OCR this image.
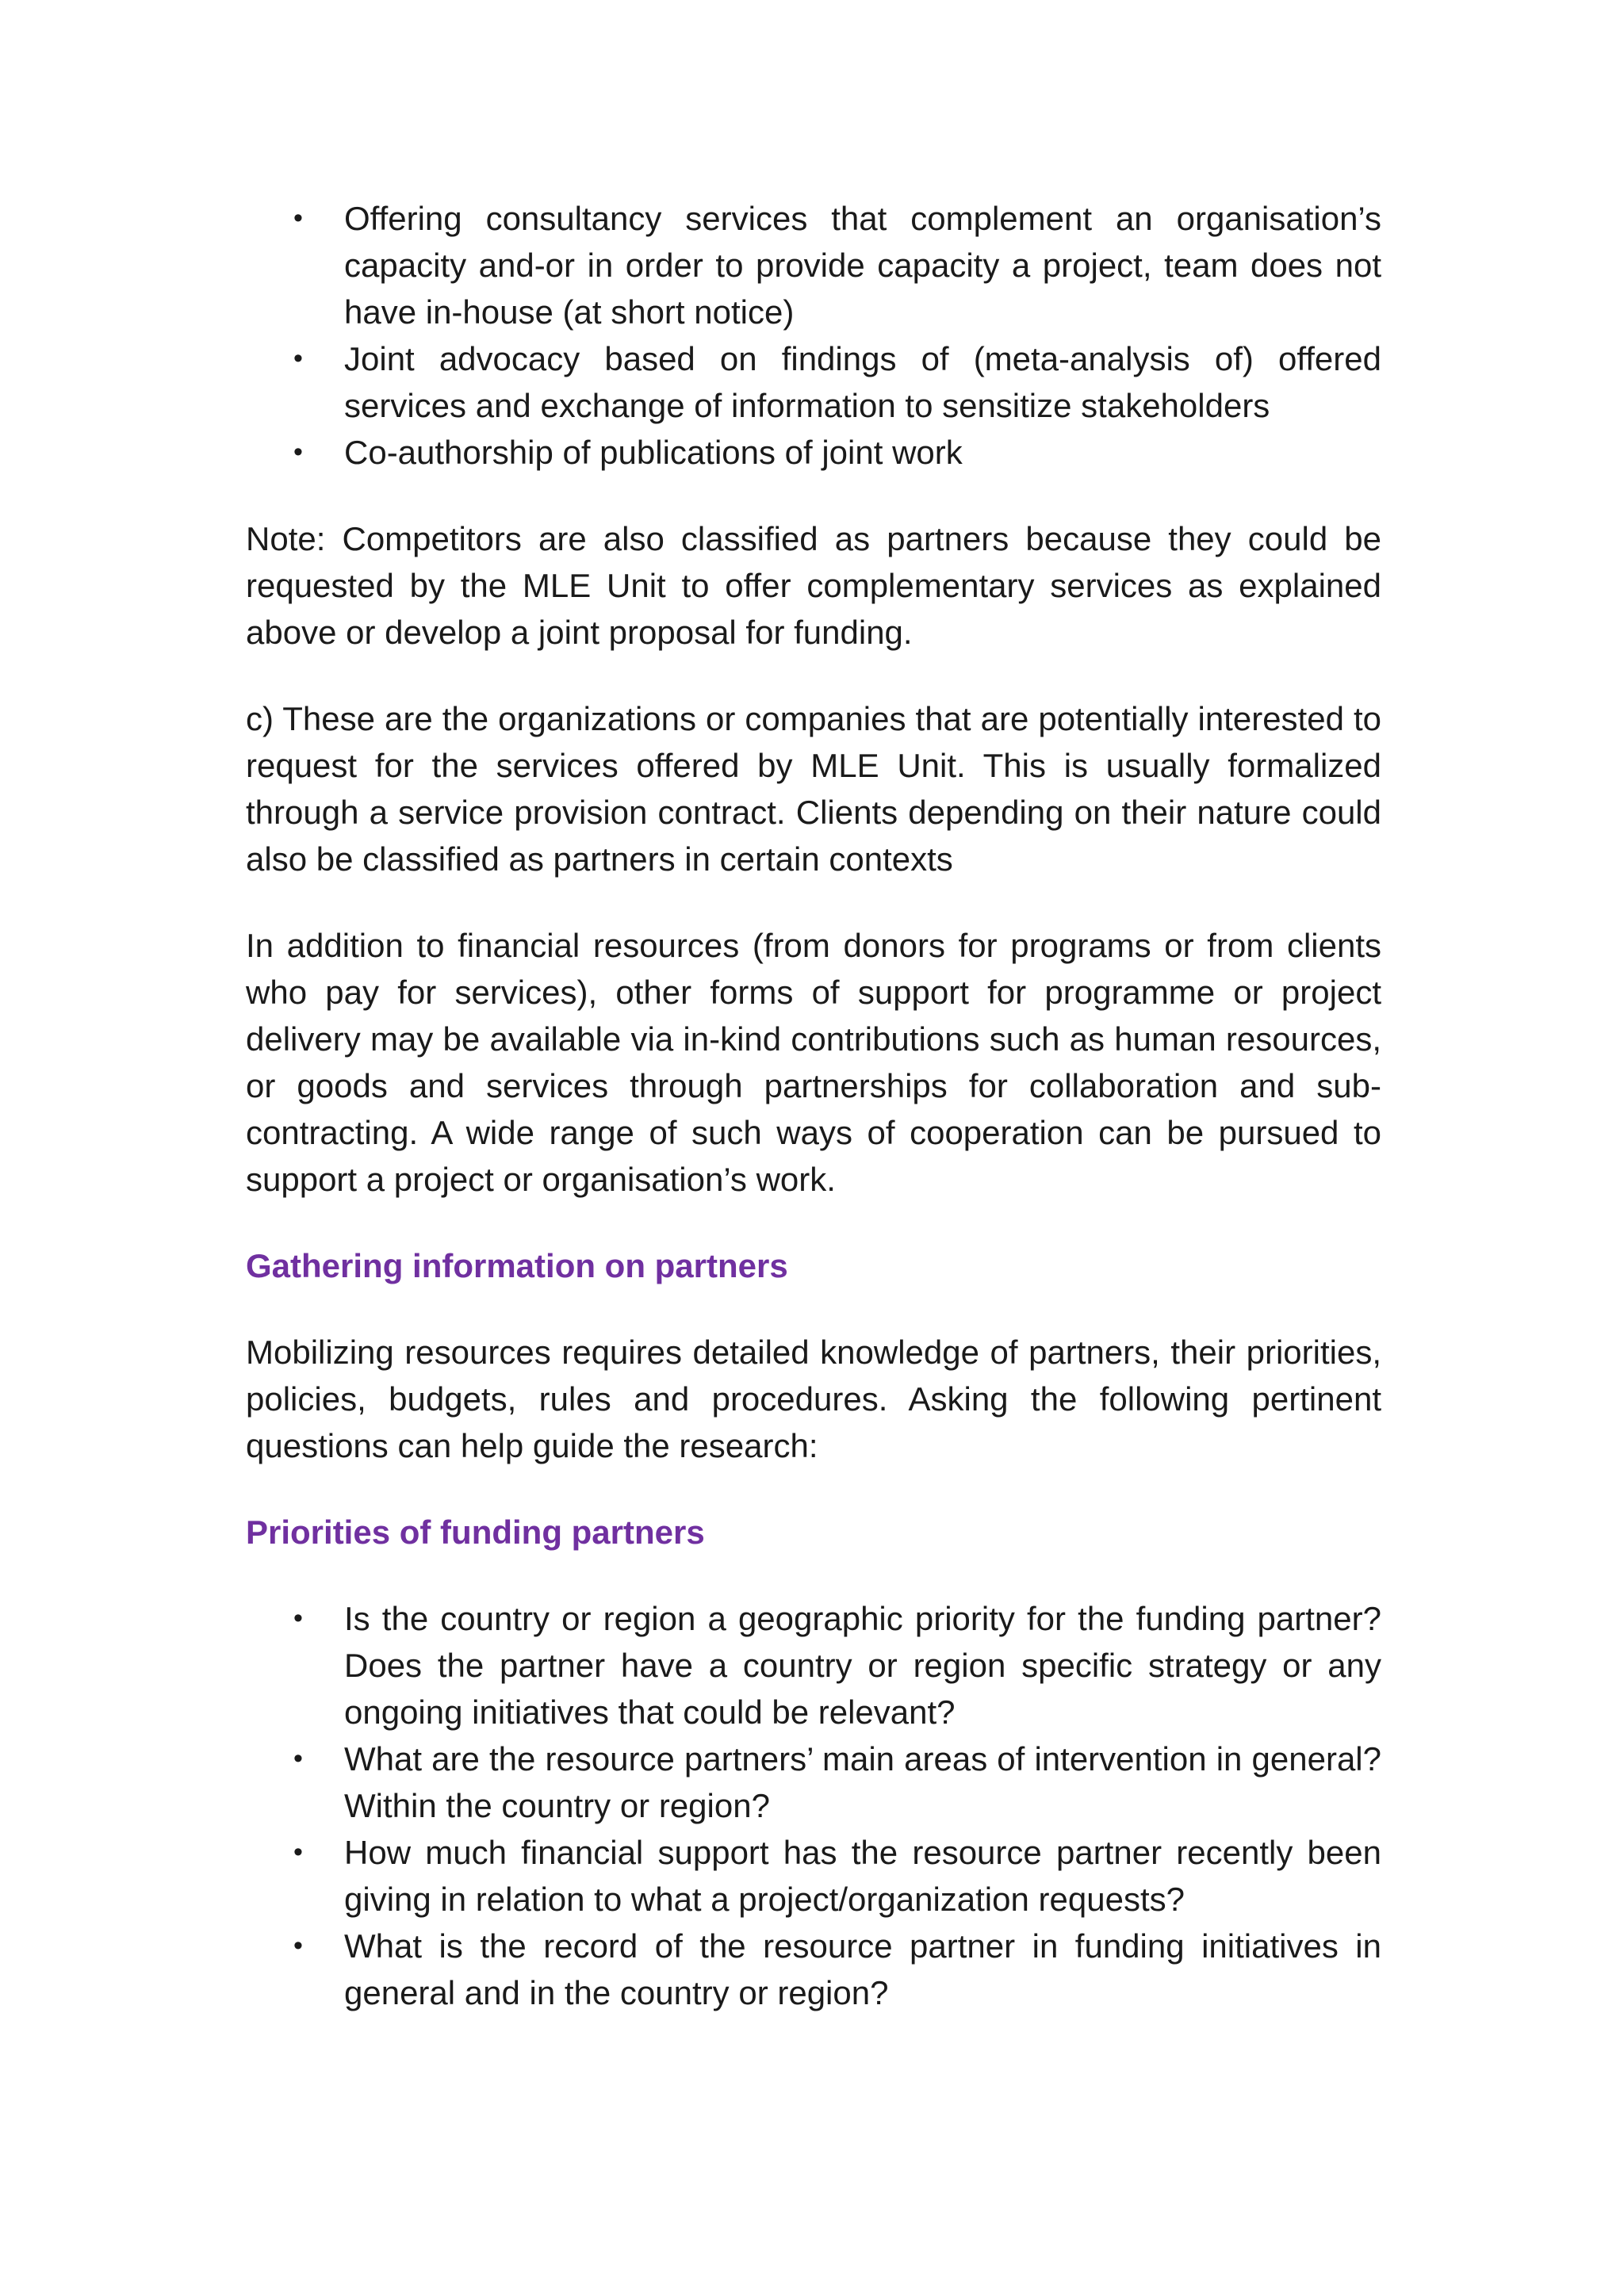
• Offering consultancy services that complement an organisation’s capacity and-or in order to provide capacity a project, team does not have in-house (at short notice)
• Joint advocacy based on findings of (meta-analysis of) offered services and exchange of information to sensitize stakeholders
• Co-authorship of publications of joint work

Note: Competitors are also classified as partners because they could be requested by the MLE Unit to offer complementary services as explained above or develop a joint proposal for funding.

c) These are the organizations or companies that are potentially interested to request for the services offered by MLE Unit. This is usually formalized through a service provision contract. Clients depending on their nature could also be classified as partners in certain contexts

In addition to financial resources (from donors for programs or from clients who pay for services), other forms of support for programme or project delivery may be available via in-kind contributions such as human resources, or goods and services through partnerships for collaboration and sub-contracting. A wide range of such ways of cooperation can be pursued to support a project or organisation’s work.

Gathering information on partners

Mobilizing resources requires detailed knowledge of partners, their priorities, policies, budgets, rules and procedures. Asking the following pertinent questions can help guide the research:

Priorities of funding partners
• Is the country or region a geographic priority for the funding partner? Does the partner have a country or region specific strategy or any ongoing initiatives that could be relevant?
• What are the resource partners’ main areas of intervention in general? Within the country or region?
• How much financial support has the resource partner recently been giving in relation to what a project/organization requests?
• What is the record of the resource partner in funding initiatives in general and in the country or region?
